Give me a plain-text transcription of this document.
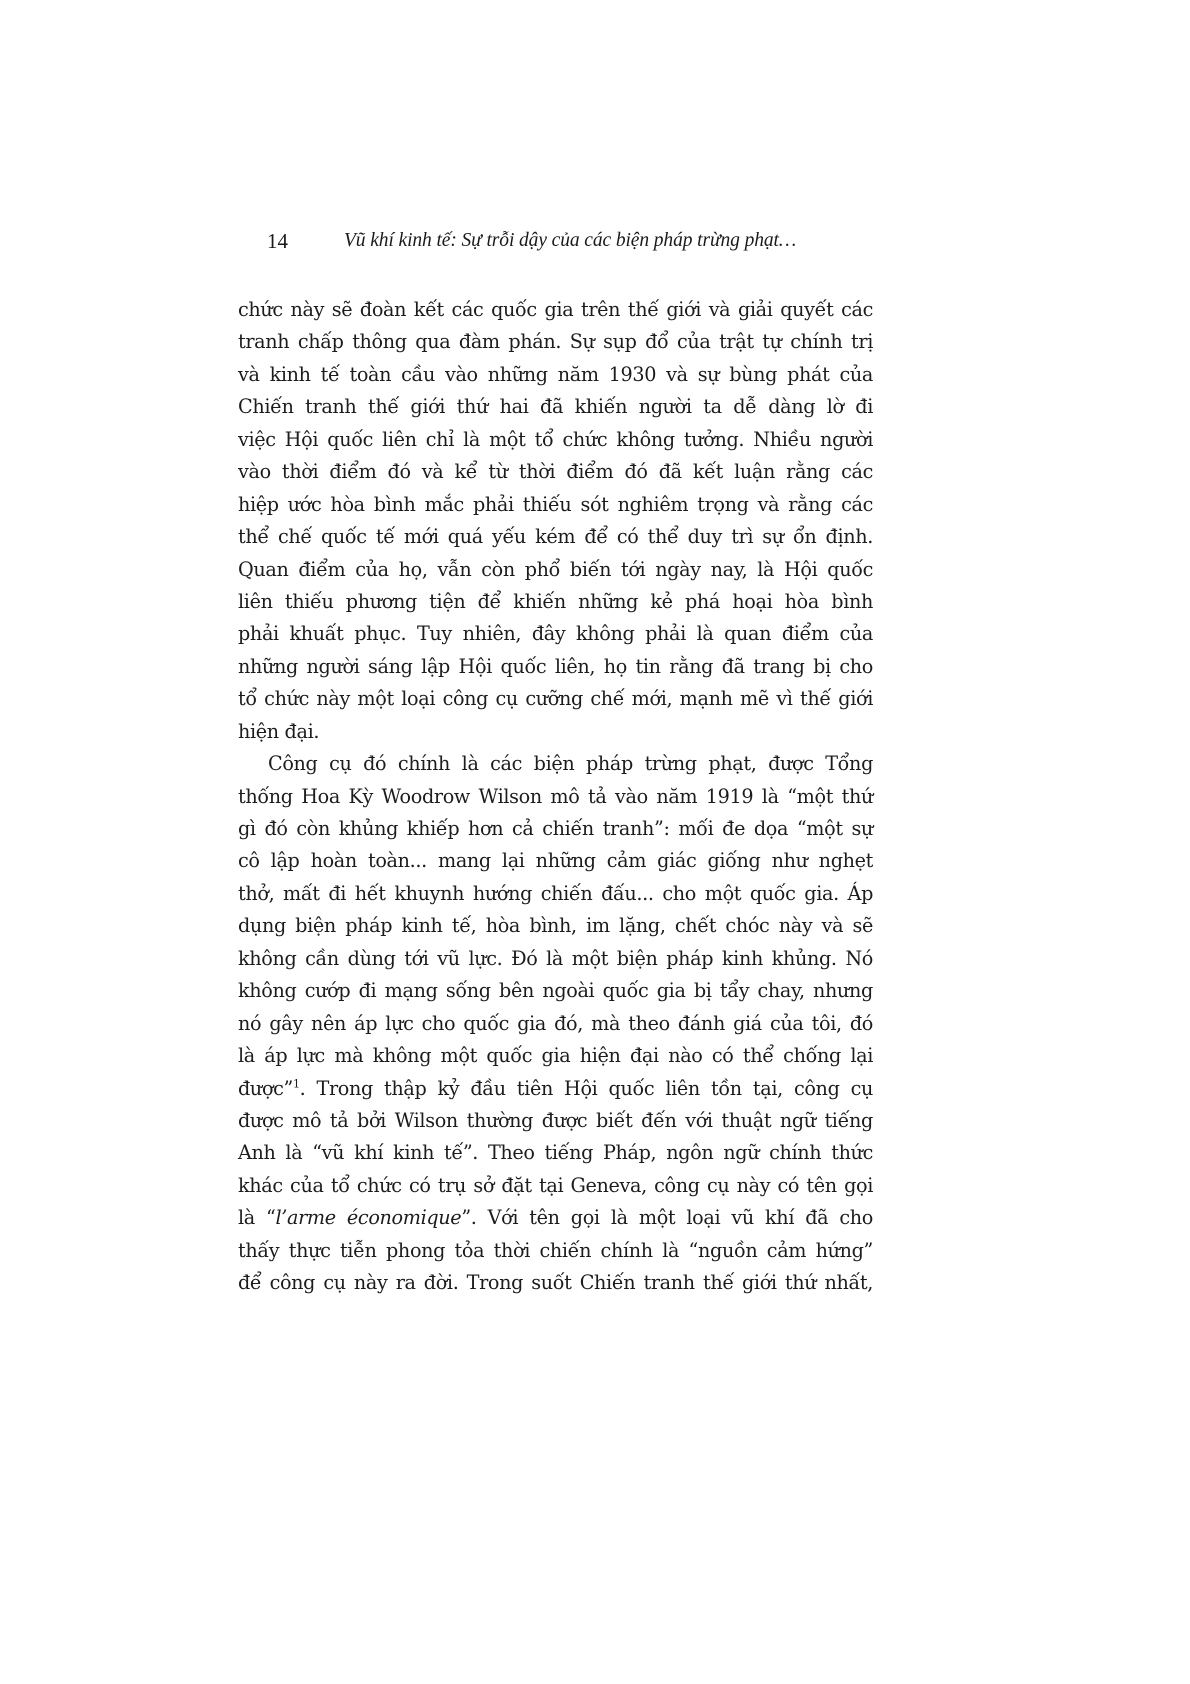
14	Vũ khí kinh tế: Sự trỗi dậy của các biện pháp trừng phạt…
chức này sẽ đoàn kết các quốc gia trên thế giới và giải quyết các
tranh chấp thông qua đàm phán. Sự sụp đổ của trật tự chính trị
và kinh tế toàn cầu vào những năm 1930 và sự bùng phát của
Chiến tranh thế giới thứ hai đã khiến người ta dễ dàng lờ đi
việc Hội quốc liên chỉ là một tổ chức không tưởng. Nhiều người
vào thời điểm đó và kể từ thời điểm đó đã kết luận rằng các
hiệp ước hòa bình mắc phải thiếu sót nghiêm trọng và rằng các
thể chế quốc tế mới quá yếu kém để có thể duy trì sự ổn định.
Quan điểm của họ, vẫn còn phổ biến tới ngày nay, là Hội quốc
liên thiếu phương tiện để khiến những kẻ phá hoại hòa bình
phải khuất phục. Tuy nhiên, đây không phải là quan điểm của
những người sáng lập Hội quốc liên, họ tin rằng đã trang bị cho
tổ chức này một loại công cụ cưỡng chế mới, mạnh mẽ vì thế giới
hiện đại.
Công cụ đó chính là các biện pháp trừng phạt, được Tổng
thống Hoa Kỳ Woodrow Wilson mô tả vào năm 1919 là “một thứ
gì đó còn khủng khiếp hơn cả chiến tranh”: mối đe dọa “một sự
cô lập hoàn toàn... mang lại những cảm giác giống như nghẹt
thở, mất đi hết khuynh hướng chiến đấu... cho một quốc gia. Áp
dụng biện pháp kinh tế, hòa bình, im lặng, chết chóc này và sẽ
không cần dùng tới vũ lực. Đó là một biện pháp kinh khủng. Nó
không cướp đi mạng sống bên ngoài quốc gia bị tẩy chay, nhưng
nó gây nên áp lực cho quốc gia đó, mà theo đánh giá của tôi, đó
là áp lực mà không một quốc gia hiện đại nào có thể chống lại
được”$^1$. Trong thập kỷ đầu tiên Hội quốc liên tồn tại, công cụ
được mô tả bởi Wilson thường được biết đến với thuật ngữ tiếng
Anh là “vũ khí kinh tế”. Theo tiếng Pháp, ngôn ngữ chính thức
khác của tổ chức có trụ sở đặt tại Geneva, công cụ này có tên gọi
là “l’arme économique”. Với tên gọi là một loại vũ khí đã cho
thấy thực tiễn phong tỏa thời chiến chính là “nguồn cảm hứng”
để công cụ này ra đời. Trong suốt Chiến tranh thế giới thứ nhất,
